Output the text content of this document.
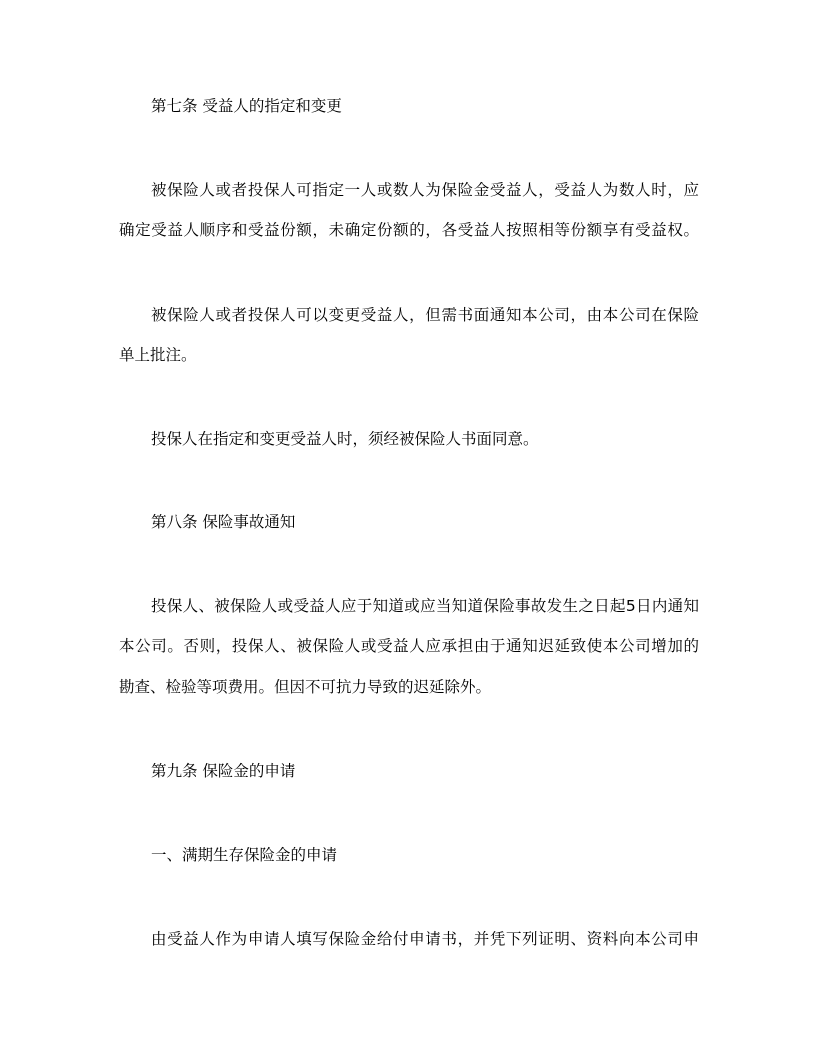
第七条 受益人的指定和变更
被保险人或者投保人可指定一人或数人为保险金受益人，受益人为数人时，应
确定受益人顺序和受益份额，未确定份额的，各受益人按照相等份额享有受益权。
被保险人或者投保人可以变更受益人，但需书面通知本公司，由本公司在保险
单上批注。
投保人在指定和变更受益人时，须经被保险人书面同意。
第八条 保险事故通知
投保人、被保险人或受益人应于知道或应当知道保险事故发生之日起5日内通知
本公司。否则，投保人、被保险人或受益人应承担由于通知迟延致使本公司增加的
勘查、检验等项费用。但因不可抗力导致的迟延除外。
第九条 保险金的申请
一、满期生存保险金的申请
由受益人作为申请人填写保险金给付申请书，并凭下列证明、资料向本公司申
